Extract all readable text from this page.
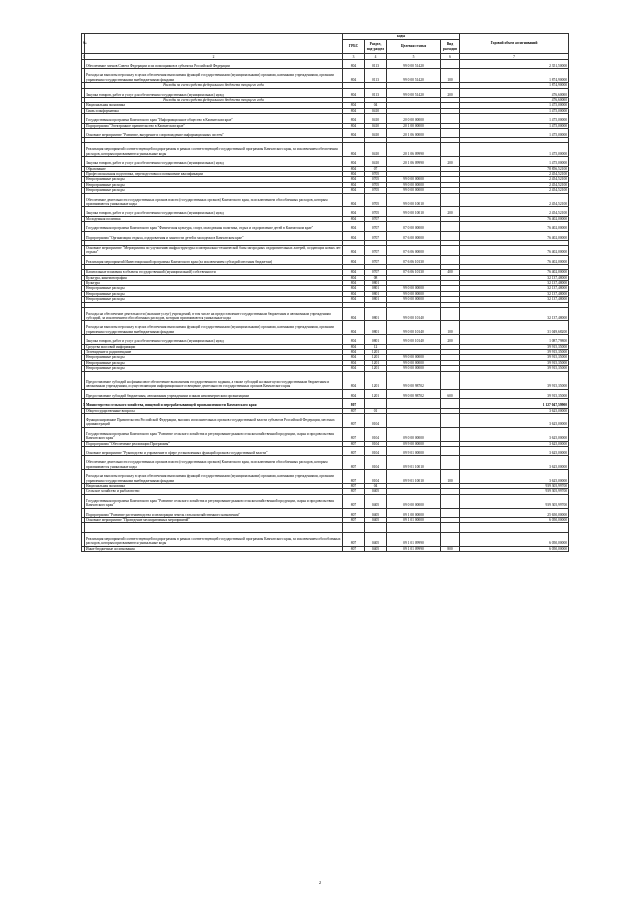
№		коды				Годовой объем ассигнований
		ГРБС	Раздел, под-раздел	Целевая статья	Вид расходов	
1	2	3	4	5	6	7
	Обеспечение членов Совета Федерации и их помощников в субъектах Российской Федерации	804	0113	99 0 00 51420		2 351,50000
	Расходы на выплаты персоналу в целях обеспечения выполнения функций государственными (муниципальными) органами, казенными учреждениями, органами управления государственными внебюджетными фондами	804	0113	99 0 00 51420	100	1 874,90000
	Расходы за счет средств федерального бюджета текущего года					1 874,90000
	Закупка товаров, работ и услуг для обеспечения государственных (муниципальных) нужд	804	0113	99 0 00 51420	200	476,60000
	Расходы за счет средств федерального бюджета текущего года					476,60000
	Национальная экономика	804	04			1 475,00000
	Связь и информатика	804	0410			1 475,00000
	Государственная программа Камчатского края "Информационное общество в Камчатском крае"	804	0410	20 0 00 00000		1 475,00000
	Подпрограмма "Электронное правительство в Камчатском крае"	804	0410	20 1 00 00000		1 475,00000
	Основное мероприятие "Развитие, внедрение и сопровождение информационных систем"	804	0410	20 1 06 00000		1 475,00000

	Реализация мероприятий соответствующей подпрограммы в рамках соответствующей государственной программы Камчатского края, за исключением обеспечения расходов, которым присваиваются уникальные коды	804	0410	20 1 06 09990		1 475,00000
	Закупка товаров, работ и услуг для обеспечения государственных (муниципальных) нужд	804	0410	20 1 06 09990	200	1 475,00000
	Образование	804	07			78 856,52100
	Профессиональная подготовка, переподготовка и повышение квалификации	804	0705			2 454,52100
	Непрограммные расходы	804	0705	99 0 00 00000		2 454,52100
	Непрограммные расходы	804	0705	99 0 00 00000		2 454,52100
	Непрограммные расходы	804	0705	99 0 00 00000		2 454,52100
	Обеспечение деятельности государственных органов власти (государственных органов) Камчатского края, за исключением обособленных расходов, которым присваиваются уникальные коды	804	0705	99 0 00 10010		2 454,52100
	Закупка товаров, работ и услуг для обеспечения государственных (муниципальных) нужд	804	0705	99 0 00 10010	200	2 454,52100
	Молодежная политика	804	0707			76 402,00000
	Государственная программа Камчатского края "Физическая культура, спорт, молодежная политика, отдых и оздоровление детей в Камчатском крае"	804	0707	07 0 00 00000		76 402,00000
	Подпрограмма "Организация отдыха, оздоровления и занятости детей и молодежи в Камчатском крае"	804	0707	07 6 00 00000		76 402,00000

	Основное мероприятие "Мероприятия по улучшению инфраструктуры и материально-технической базы загородных оздоровительных лагерей, создающих новых лет отдыха"	804	0707	07 6 06 00000		76 402,00000
	Реализация мероприятий Инвестиционной программы Камчатского края (за исключением субсидий местным бюджетам)	804	0707	07 6 06 10130		76 402,00000

	Капитальные вложения в объекты государственной (муниципальной) собственности	804	0707	07 6 06 10130	400	76 402,00000
	Культура, кинематография	804	08			32 137,48000
	Культура	804	0801			32 137,48000
	Непрограммные расходы	804	0801	99 0 00 00000		32 137,48000
	Непрограммные расходы	804	0801	99 0 00 00000		32 137,48000
	Непрограммные расходы	804	0801	99 0 00 00000		32 137,48000

	Расходы на обеспечение деятельности (оказание услуг) учреждений, в том числе на предоставление государственным бюджетным и автономным учреждениям субсидий, за исключением обособленных расходов, которым присваиваются уникальные коды	804	0801	99 0 00 10140		32 137,48000
	Расходы на выплаты персоналу в целях обеспечения выполнения функций государственными (муниципальными) органами, казенными учреждениями, органами управления государственными внебюджетными фондами	804	0801	99 0 00 10140	100	31 049,68200
	Закупка товаров, работ и услуг для обеспечения государственных (муниципальных) нужд	804	0801	99 0 00 10140	200	1 087,79800
	Средства массовой информации	804	12			39 915,35000
	Телевидение и радиовещание	804	1201			39 915,35000
	Непрограммные расходы	804	1201	99 0 00 00000		39 915,35000
	Непрограммные расходы	804	1201	99 0 00 00000		39 915,35000
	Непрограммные расходы	804	1201	99 0 00 00000		39 915,35000
	Предоставление субсидий на финансовое обеспечение выполнения государственного задания, а также субсидий на иные цели государственным бюджетным и автономным учреждениям, осуществляющим информационное освещение деятельности государственных органов Камчатского края	804	1201	99 0 00 98702		39 915,35000
	Предоставление субсидий бюджетным, автономным учреждениям и иным некоммерческим организациям	804	1201	99 0 00 98702	600	39 915,35000
5	Министерство сельского хозяйства, пищевой и перерабатывающей промышленности Камчатского края	807				1 127 047,59900
	Общегосударственные вопросы	807	01			3 625,00000
	Функционирование Правительства Российской Федерации, высших исполнительных органов государственной власти субъектов Российской Федерации, местных администраций	807	0104			3 625,00000
	Государственная программа Камчатского края "Развитие сельского хозяйства и регулирование рынков сельскохозяйственной продукции, сырья и продовольствия Камчатского края"	807	0104	09 0 00 00000		3 625,00000
	Подпрограмма "Обеспечение реализации Программы"	807	0104	09 9 00 00000		3 625,00000
	Основное мероприятие "Руководство и управление в сфере установленных функций органов государственной власти"	807	0104	09 9 01 00000		3 625,00000
	Обеспечение деятельности государственных органов власти (государственных органов) Камчатского края, за исключением обособленных расходов, которым присваиваются уникальные коды	807	0104	09 9 01 10010		3 625,00000
	Расходы на выплаты персоналу в целях обеспечения выполнения функций государственными (муниципальными) органами, казенными учреждениями, органами управления государственными внебюджетными фондами	807	0104	09 9 01 10010	100	3 625,00000
	Национальная экономика	807	04			939 305,99700
	Сельское хозяйство и рыболовство	807	0405			939 305,99700
	Государственная программа Камчатского края "Развитие сельского хозяйства и регулирование рынков сельскохозяйственной продукции, сырья и продовольствия Камчатского края"	807	0405	09 0 00 00000		939 305,99700
	Подпрограмма "Развитие растениеводства и мелиорации земель сельскохозяйственного назначения"	807	0405	09 1 00 00000		25 650,00000
	Основное мероприятие "Проведение мелиоративных мероприятий"	807	0405	09 1 01 00000		6 050,00000

	Реализация мероприятий соответствующей подпрограммы в рамках соответствующей государственной программы Камчатского края, за исключением обособленных расходов, которым присваиваются уникальные коды	807	0405	09 1 01 09990		6 050,00000
	Иные бюджетные ассигнования	807	0405	09 1 01 09990	800	6 050,00000
2
